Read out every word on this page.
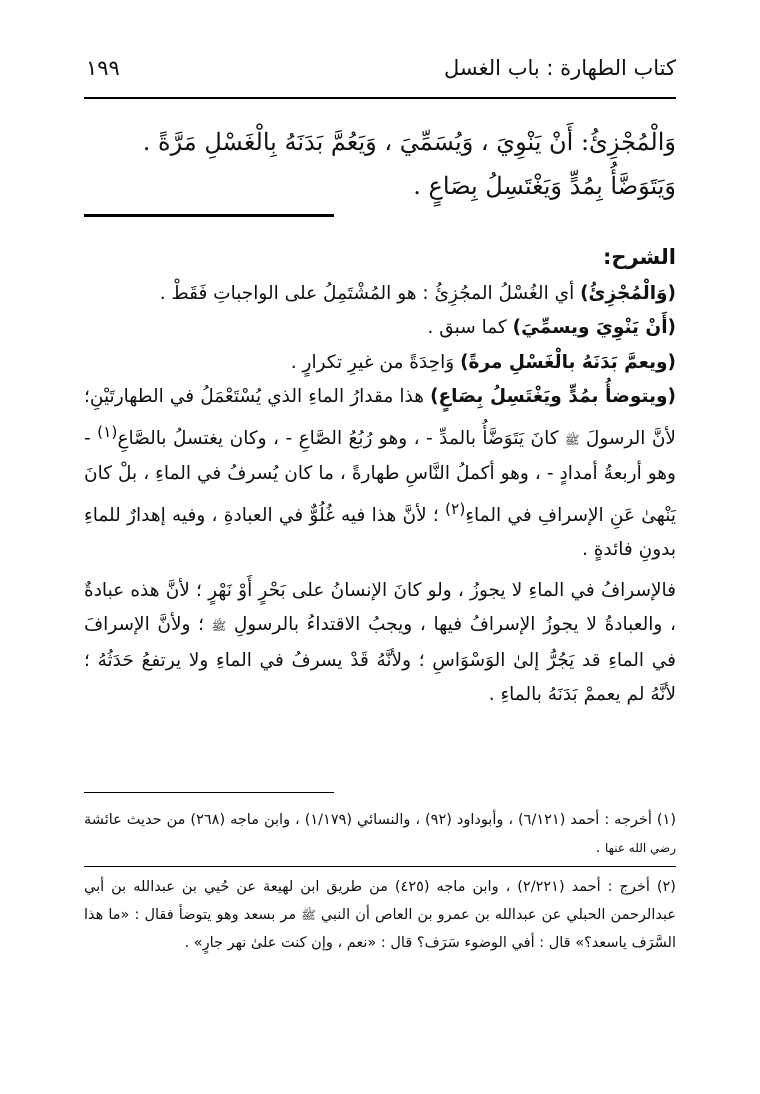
كتاب الطهارة : باب الغسل
١٩٩

وَالْمُجْزِئُ: أَنْ يَنْوِيَ ، وَيُسَمِّيَ ، وَيَعُمَّ بَدَنَهُ بِالْغَسْلِ مَرَّةً .

وَيَتَوَضَّأُ بِمُدٍّ وَيَغْتَسِلُ بِصَاعٍ .

الشرح:

(وَالْمُجْزِئُ) أي الغُسْلُ المجُزِئُ : هو المُشْتَمِلُ على الواجباتِ فَقَطْ .

(أَنْ يَنْوِيَ ويسمِّيَ) كما سبق .

(ويعمَّ بَدَنَهُ بالْغَسْلِ مرةً) وَاحِدَةً من غيرِ تكرارٍ .

(ويتوضأُ بمُدٍّ ويَغْتَسِلُ بِصَاعٍ) هذا مقدارُ الماءِ الذي يُسْتَعْمَلُ في الطهارتَيْنِ؛ لأنَّ الرسولَ ﷺ كانَ يَتَوَضَّأُ بالمدِّ - ، وهو رُبُعُ الصَّاعِ - ، وكان يغتسلُ بالصَّاعِ$^{(١)}$ - وهو أربعةُ أمدادٍ - ، وهو أكملُ النَّاسِ طهارةً ، ما كان يُسرفُ في الماءِ ، بلْ كانَ يَنْهىٰ عَنِ الإسرافِ في الماءِ$^{(٢)}$ ؛ لأنَّ هذا فيه غُلُوٌّ في العبادةِ ، وفيه إهدارٌ للماءِ بدونِ فائدةٍ .

فالإسرافُ في الماءِ لا يجوزُ ، ولو كانَ الإنسانُ على بَحْرٍ أَوْ نَهْرٍ ؛ لأنَّ هذه عبادةٌ ، والعبادةُ لا يجوزُ الإسرافُ فيها ، ويجبُ الاقتداءُ بالرسولِ ﷺ ؛ ولأنَّ الإسرافَ في الماءِ قد يَجُرُّ إلىٰ الوَسْوَاسِ ؛ ولأنَّهُ قَدْ يسرفُ في الماءِ ولا يرتفعُ حَدَثُهُ ؛ لأنَّهُ لم يعممْ بَدَنَهُ بالماءِ .

(١) أخرجه : أحمد (٦/١٢١) ، وأبوداود (٩٢) ، والنسائي (١/١٧٩) ، وابن ماجه (٢٦٨) من حديث عائشة رضي الله عنها .

(٢) أخرج : أحمد (٢/٢٢١) ، وابن ماجه (٤٢٥) من طريق ابن لهيعة عن حُيي بن عبدالله بن أبي عبدالرحمن الحبلي عن عبدالله بن عمرو بن العاص أن النبي ﷺ مر بسعد وهو يتوضأ فقال : «ما هذا السَّرَف ياسعد؟» قال : أفي الوضوء سَرَف؟ قال : «نعم ، وإن كنت علىٰ نهر جارٍ» .
